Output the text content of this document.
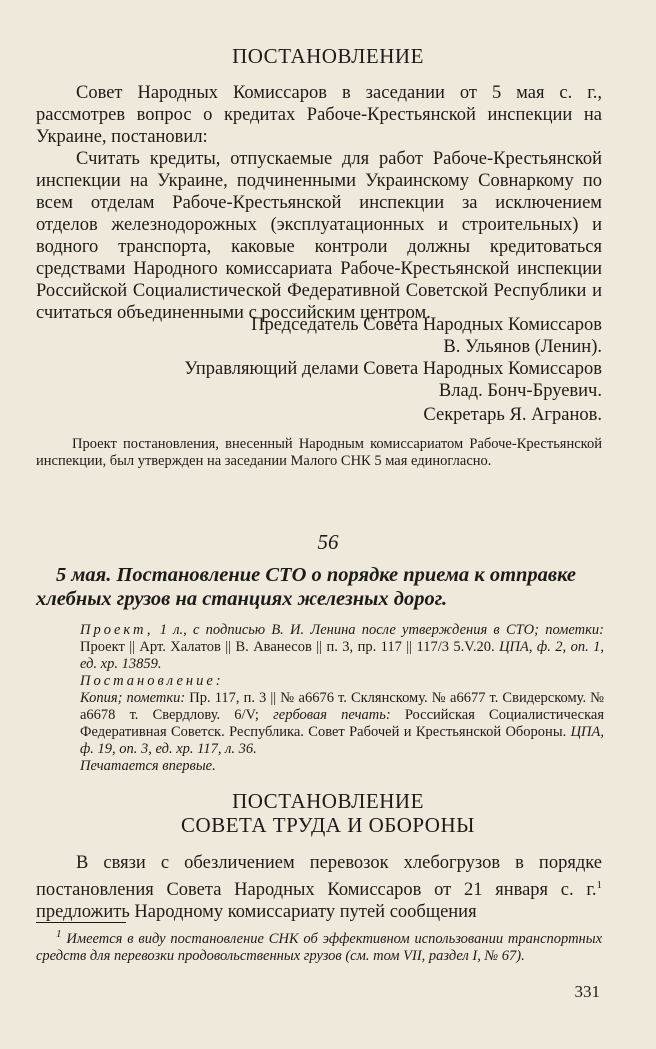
ПОСТАНОВЛЕНИЕ

Совет Народных Комиссаров в заседании от 5 мая с. г., рассмотрев вопрос о кредитах Рабоче-Крестьянской инспекции на Украине, постановил:

Считать кредиты, отпускаемые для работ Рабоче-Крестьянской инспекции на Украине, подчиненными Украинскому Совнаркому по всем отделам Рабоче-Крестьянской инспекции за исключением отделов железнодорожных (эксплуатационных и строительных) и водного транспорта, каковые контроли должны кредитоваться средствами Народного комиссариата Рабоче-Крестьянской инспекции Российской Социалистической Федеративной Советской Республики и считаться объединенными с российским центром.

Председатель Совета Народных Комиссаров
В. Ульянов (Ленин).
Управляющий делами Совета Народных Комиссаров
Влад. Бонч-Бруевич.
Секретарь Я. Агранов.
Проект постановления, внесенный Народным комиссариатом Рабоче-Крестьянской инспекции, был утвержден на заседании Малого СНК 5 мая единогласно.
56
5 мая. Постановление СТО о порядке приема к отправке хлебных грузов на станциях железных дорог.
Проект, 1 л., с подписью В. И. Ленина после утверждения в СТО; пометки: Проект || Арт. Халатов || В. Аванесов || п. 3, пр. 117 || 117/3 5.V.20. ЦПА, ф. 2, оп. 1, ед. хр. 13859.
Постановление:
Копия; пометки: Пр. 117, п. 3 || № а6676 т. Склянскому. № а6677 т. Свидерскому. № а6678 т. Свердлову. 6/V; гербовая печать: Российская Социалистическая Федеративная Советск. Республика. Совет Рабочей и Крестьянской Обороны. ЦПА, ф. 19, оп. 3, ед. хр. 117, л. 36.
Печатается впервые.
ПОСТАНОВЛЕНИЕ
СОВЕТА ТРУДА И ОБОРОНЫ
В связи с обезличением перевозок хлебогрузов в порядке постановления Совета Народных Комиссаров от 21 января с. г.$^1$ предложить Народному комиссариату путей сообщения
$^1$ Имеется в виду постановление СНК об эффективном использовании транспортных средств для перевозки продовольственных грузов (см. том VII, раздел I, № 67).
331
